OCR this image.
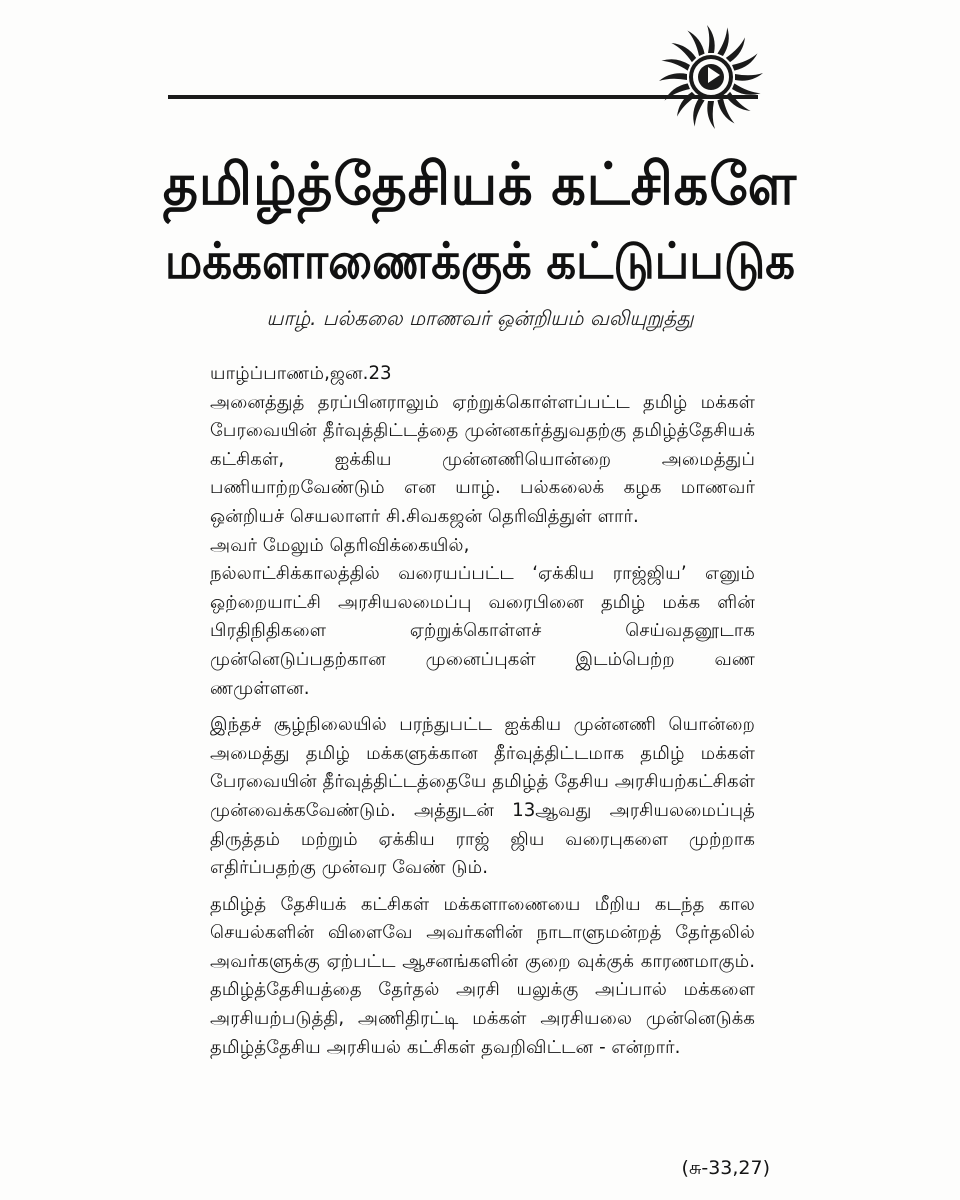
தமிழ்த்தேசியக் கட்சிகளே
மக்களாணைக்குக் கட்டுப்படுக
யாழ். பல்கலை மாணவர் ஒன்றியம் வலியுறுத்து

யாழ்ப்பாணம்,ஜன.23

அனைத்துத் தரப்பினராலும் ஏற்றுக்கொள்ளப்பட்ட தமிழ் மக்கள் பேரவையின் தீர்வுத்திட்டத்தை முன்னகர்த்துவதற்கு தமிழ்த்தேசியக் கட்சிகள், ஐக்கிய முன்னணியொன்றை அமைத்துப் பணியாற்றவேண்டும் என யாழ். பல்கலைக் கழக மாணவர் ஒன்றியச் செயலாளர் சி.சிவகஜன் தெரிவித்துள் ளார்.

அவர் மேலும் தெரிவிக்கையில்,

நல்லாட்சிக்காலத்தில் வரையப்பட்ட ‘ஏக்கிய ராஜ்ஜிய’ எனும் ஒற்றையாட்சி அரசியலமைப்பு வரைபினை தமிழ் மக்க ளின் பிரதிநிதிகளை ஏற்றுக்கொள்ளச் செய்வதனூடாக முன்னெடுப்பதற்கான முனைப்புகள் இடம்பெற்ற வண ணமுள்ளன.

இந்தச் சூழ்நிலையில் பரந்துபட்ட ஐக்கிய முன்னணி யொன்றை அமைத்து தமிழ் மக்களுக்கான தீர்வுத்திட்டமாக தமிழ் மக்கள் பேரவையின் தீர்வுத்திட்டத்தையே தமிழ்த் தேசிய அரசியற்கட்சிகள் முன்வைக்கவேண்டும். அத்துடன் 13ஆவது அரசியலமைப்புத் திருத்தம் மற்றும் ஏக்கிய ராஜ் ஜிய வரைபுகளை முற்றாக எதிர்ப்பதற்கு முன்வர வேண் டும்.

தமிழ்த் தேசியக் கட்சிகள் மக்களாணையை மீறிய கடந்த கால செயல்களின் விளைவே அவர்களின் நாடாளுமன்றத் தேர்தலில் அவர்களுக்கு ஏற்பட்ட ஆசனங்களின் குறை வுக்குக் காரணமாகும். தமிழ்த்தேசியத்தை தேர்தல் அரசி யலுக்கு அப்பால் மக்களை அரசியற்படுத்தி, அணிதிரட்டி மக்கள் அரசியலை முன்னெடுக்க தமிழ்த்தேசிய அரசியல் கட்சிகள் தவறிவிட்டன - என்றார்.

(சு-33,27)
